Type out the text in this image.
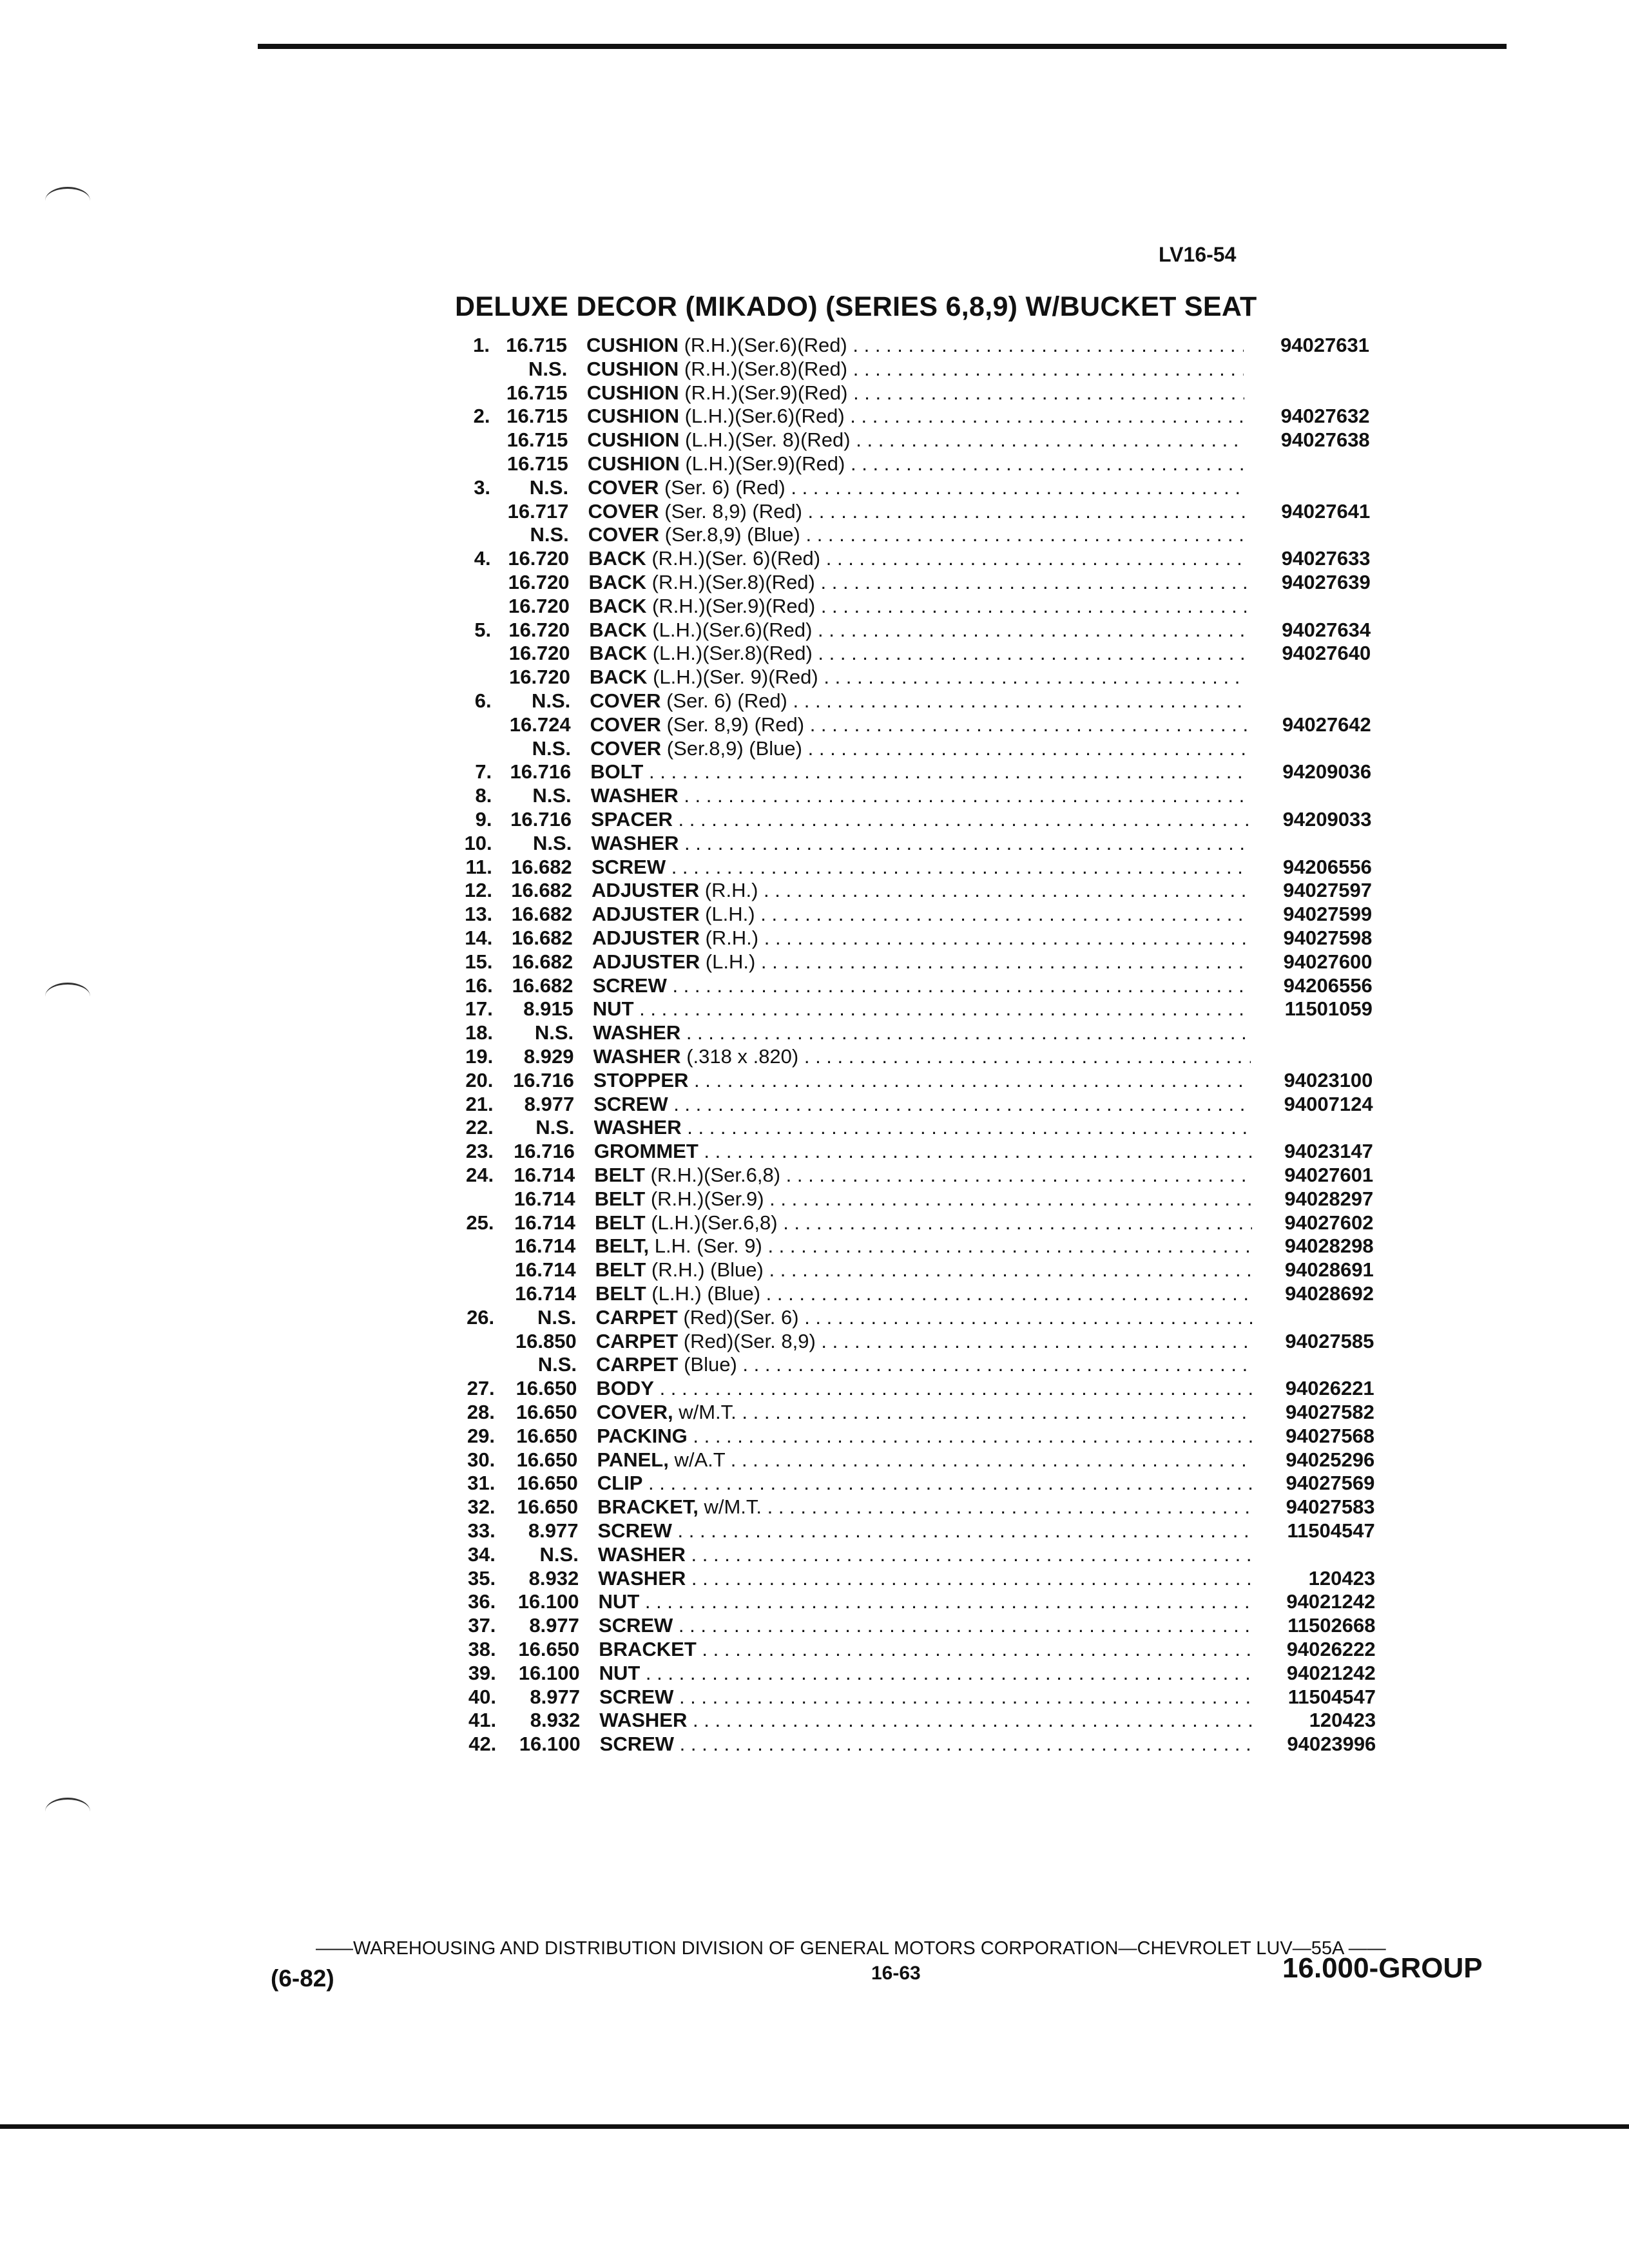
LV16-54
DELUXE DECOR (MIKADO) (SERIES 6,8,9) W/BUCKET SEAT
1. 16.715 CUSHION (R.H.)(Ser.6)(Red) . . .	94027631
N.S. CUSHION (R.H.)(Ser.8)(Red) . . .
16.715 CUSHION (R.H.)(Ser.9)(Red) . . .
2. 16.715 CUSHION (L.H.)(Ser.6)(Red) . . .	94027632
16.715 CUSHION (L.H.)(Ser. 8)(Red) . . .	94027638
16.715 CUSHION (L.H.)(Ser.9)(Red) . . .
3.	N.S. COVER (Ser. 6) (Red) . . .
16.717 COVER (Ser. 8,9) (Red) . . .	94027641
N.S. COVER (Ser.8,9) (Blue) . . .
4. 16.720 BACK (R.H.)(Ser. 6)(Red) . . .	94027633
16.720 BACK (R.H.)(Ser.8)(Red) . . .	94027639
16.720 BACK (R.H.)(Ser.9)(Red) . . .
5. 16.720 BACK (L.H.)(Ser.6)(Red) . . .	94027634
16.720 BACK (L.H.)(Ser.8)(Red) . . .	94027640
16.720 BACK (L.H.)(Ser. 9)(Red) . . .
6.	N.S. COVER (Ser. 6) (Red) . . .
16.724 COVER (Ser. 8,9) (Red) . . .	94027642
N.S. COVER (Ser.8,9) (Blue) . . .
7. 16.716 BOLT . . .	94209036
8.	N.S. WASHER . . .
9. 16.716 SPACER . . .	94209033
10.	N.S. WASHER . . .
11. 16.682 SCREW . . .	94206556
12. 16.682 ADJUSTER (R.H.) . . .	94027597
13. 16.682 ADJUSTER (L.H.) . . .	94027599
14. 16.682 ADJUSTER (R.H.) . . .	94027598
15. 16.682 ADJUSTER (L.H.) . . .	94027600
16. 16.682 SCREW . . .	94206556
17.	8.915 NUT . . .	11501059
18.	N.S. WASHER . . .
19.	8.929 WASHER (.318 x .820) . . .
20. 16.716 STOPPER . . .	94023100
21.	8.977 SCREW . . .	94007124
22.	N.S. WASHER . . .
23.	16.716 GROMMET . . .	94023147
24.	16.714 BELT (R.H.)(Ser.6,8) . . .	94027601
16.714 BELT (R.H.)(Ser.9) . . .	94028297
25.	16.714 BELT (L.H.)(Ser.6,8) . . .	94027602
16.714 BELT, L.H. (Ser. 9) . . .	94028298
16.714 BELT (R.H.) (Blue) . . .	94028691
16.714 BELT (L.H.) (Blue) . . .	94028692
26.	N.S. CARPET (Red)(Ser. 6) . . .
16.850 CARPET (Red)(Ser. 8,9) . . .	94027585
N.S. CARPET (Blue) . . .
27.	16.650 BODY . . .	94026221
28.	16.650 COVER, w/M.T. . . .	94027582
29.	16.650 PACKING . . .	94027568
30.	16.650 PANEL, w/A.T . . .	94025296
31.	16.650 CLIP . . .	94027569
32.	16.650 BRACKET, w/M.T. . . .	94027583
33.	8.977 SCREW . . .	11504547
34.	N.S. WASHER . . .
35.	8.932 WASHER . . .	120423
36.	16.100 NUT . . .	94021242
37.	8.977 SCREW . . .	11502668
38.	16.650 BRACKET . . .	94026222
39.	16.100 NUT . . .	94021242
40.	8.977 SCREW . . .	11504547
41.	8.932 WASHER . . .	120423
42.	16.100 SCREW . . .	94023996
——WAREHOUSING AND DISTRIBUTION DIVISION OF GENERAL MOTORS CORPORATION—CHEVROLET LUV—55A ——
(6-82)	16-63	16.000-GROUP
